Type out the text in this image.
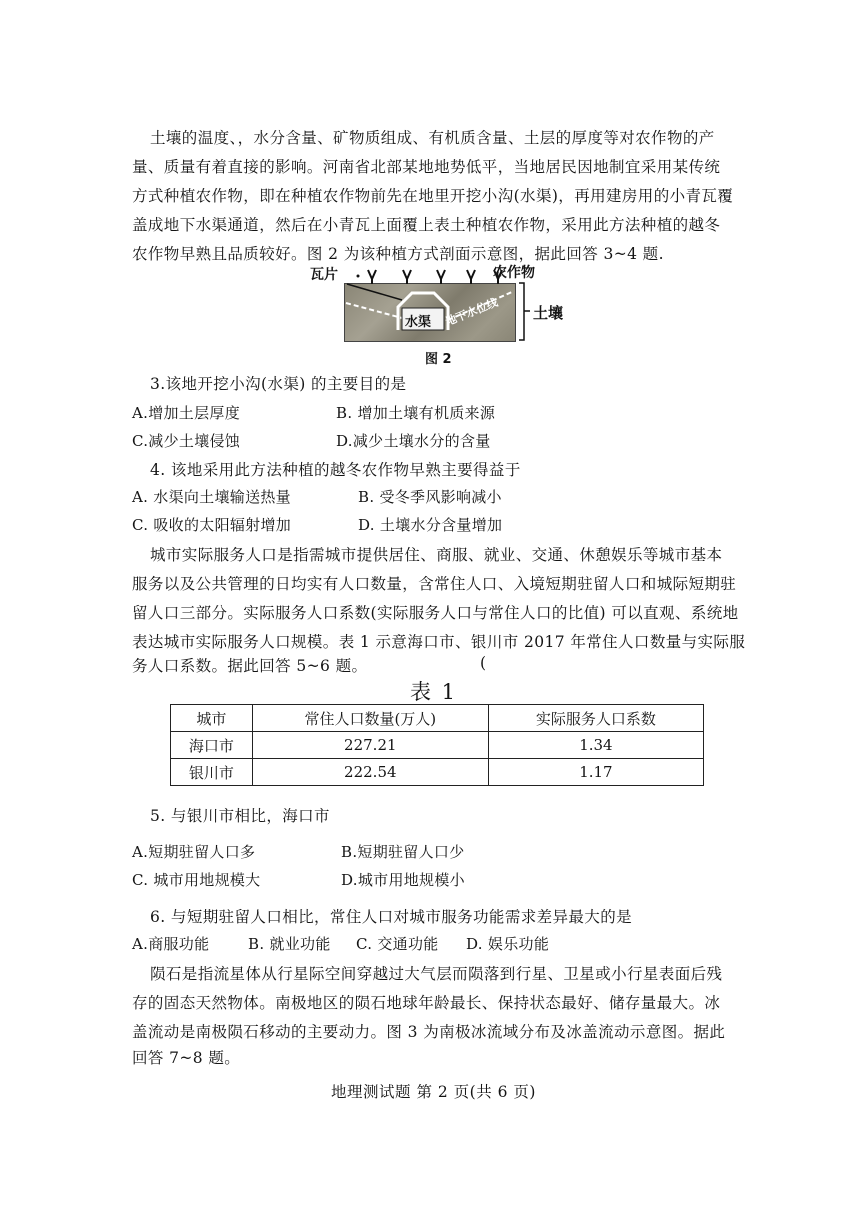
土壤的温度、，水分含量、矿物质组成、有机质含量、土层的厚度等对农作物的产
量、质量有着直接的影响。河南省北部某地地势低平，当地居民因地制宜采用某传统
方式种植农作物，即在种植农作物前先在地里开挖小沟(水渠)，再用建房用的小青瓦覆
盖成地下水渠通道，然后在小青瓦上面覆上表土种植农作物，采用此方法种植的越冬
农作物早熟且品质较好。图 2 为该种植方式剖面示意图，据此回答 3~4 题.
瓦片	农作物
土壤
水渠 地下水位线
图 2
3.该地开挖小沟(水渠) 的主要目的是
A.增加土层厚度	B. 增加土壤有机质来源
C.减少土壤侵蚀	D.减少土壤水分的含量
4. 该地采用此方法种植的越冬农作物早熟主要得益于
A. 水渠向土壤输送热量	B. 受冬季风影响减小
C. 吸收的太阳辐射增加	D. 土壤水分含量增加
城市实际服务人口是指需城市提供居住、商服、就业、交通、休憩娱乐等城市基本
服务以及公共管理的日均实有人口数量，含常住人口、入境短期驻留人口和城际短期驻
留人口三部分。实际服务人口系数(实际服务人口与常住人口的比值) 可以直观、系统地
表达城市实际服务人口规模。表 1 示意海口市、银川市 2017 年常住人口数量与实际服
务人口系数。据此回答 5~6 题。	(
表 1
城市	常住人口数量(万人)	实际服务人口系数
海口市	227.21	1.34
银川市	222.54	1.17
5. 与银川市相比，海口市
A.短期驻留人口多	B.短期驻留人口少
C. 城市用地规模大	D.城市用地规模小
6. 与短期驻留人口相比，常住人口对城市服务功能需求差异最大的是
A.商服功能	B. 就业功能 C. 交通功能 D. 娱乐功能
陨石是指流星体从行星际空间穿越过大气层而陨落到行星、卫星或小行星表面后残
存的固态天然物体。南极地区的陨石地球年龄最长、保持状态最好、储存量最大。冰
盖流动是南极陨石移动的主要动力。图 3 为南极冰流域分布及冰盖流动示意图。据此
回答 7~8 题。
地理测试题 第 2 页(共 6 页)
